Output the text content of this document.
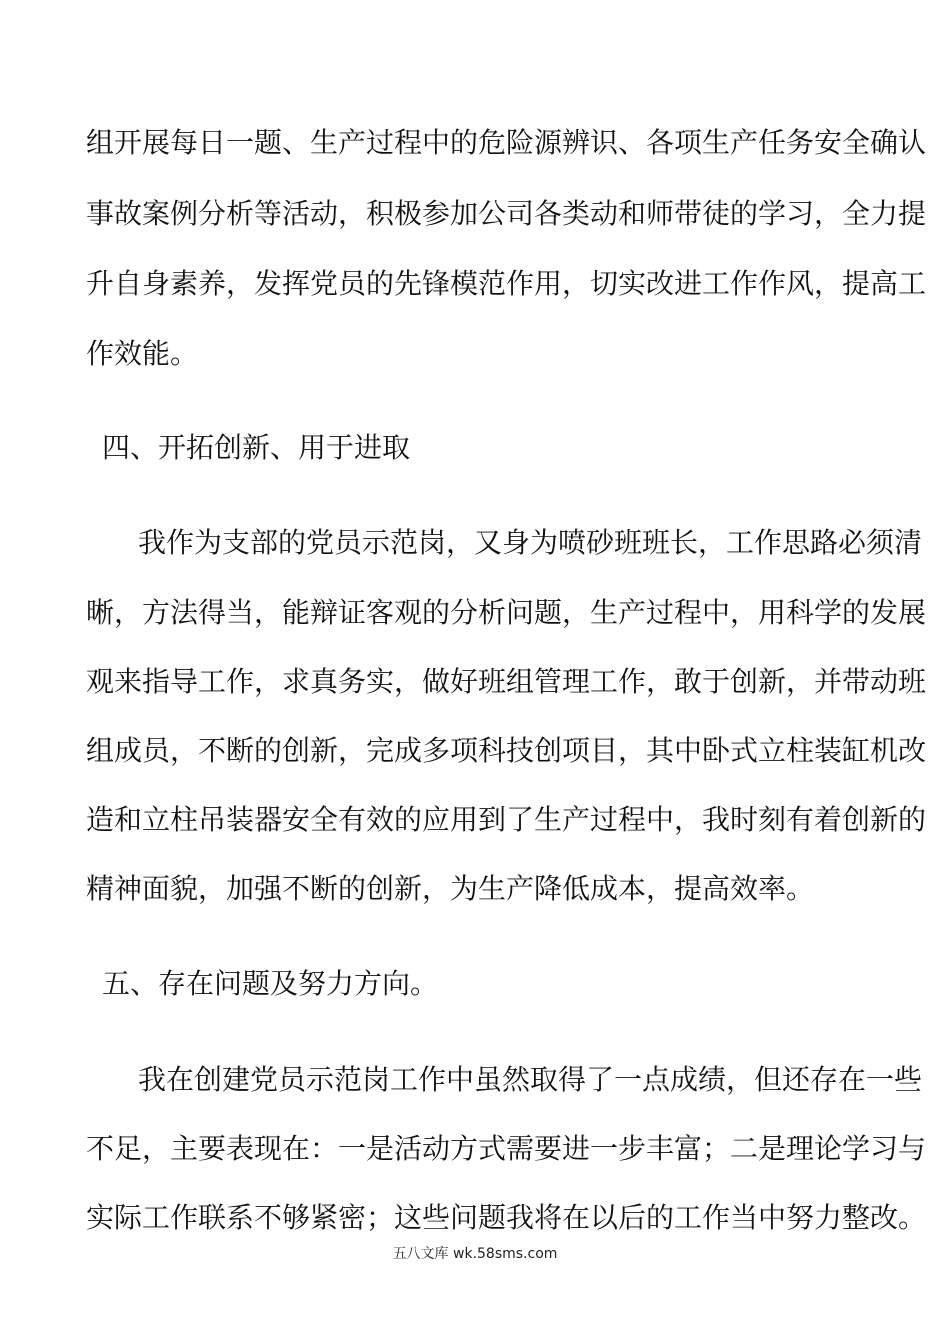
组开展每日一题、生产过程中的危险源辨识、各项生产任务安全确认
事故案例分析等活动，积极参加公司各类动和师带徒的学习，全力提
升自身素养，发挥党员的先锋模范作用，切实改进工作作风，提高工
作效能。
四、开拓创新、用于进取
我作为支部的党员示范岗，又身为喷砂班班长，工作思路必须清
晰，方法得当，能辩证客观的分析问题，生产过程中，用科学的发展
观来指导工作，求真务实，做好班组管理工作，敢于创新，并带动班
组成员，不断的创新，完成多项科技创项目，其中卧式立柱装缸机改
造和立柱吊装器安全有效的应用到了生产过程中，我时刻有着创新的
精神面貌，加强不断的创新，为生产降低成本，提高效率。
五、存在问题及努力方向。
我在创建党员示范岗工作中虽然取得了一点成绩，但还存在一些
不足，主要表现在：一是活动方式需要进一步丰富；二是理论学习与
实际工作联系不够紧密；这些问题我将在以后的工作当中努力整改。
五八文库 wk.58sms.com
